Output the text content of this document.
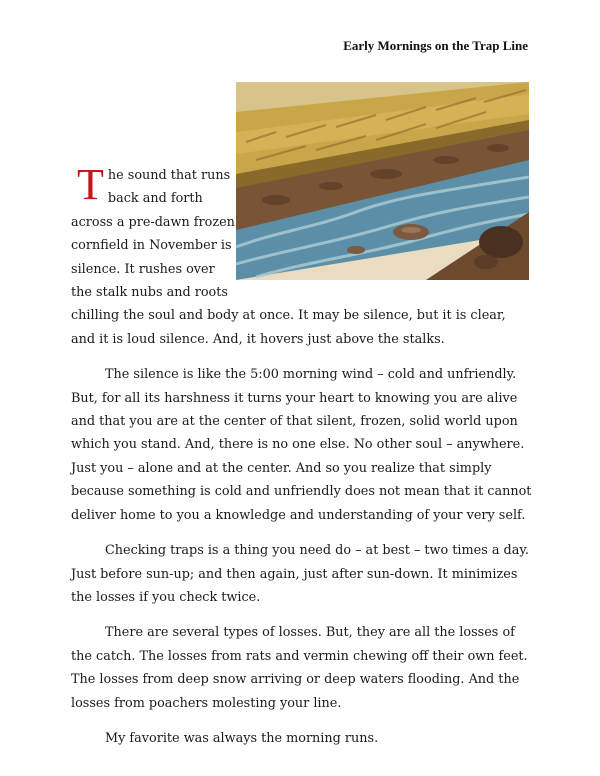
Early Mornings on the Trap Line

The sound that runs back and forth across a pre-dawn frozen cornfield in November is silence. It rushes over the stalk nubs and roots chilling the soul and body at once. It may be silence, but it is clear, and it is loud silence. And, it hovers just above the stalks.

The silence is like the 5:00 morning wind – cold and unfriendly. But, for all its harshness it turns your heart to knowing you are alive and that you are at the center of that silent, frozen, solid world upon which you stand. And, there is no one else. No other soul – anywhere. Just you – alone and at the center. And so you realize that simply because something is cold and unfriendly does not mean that it cannot deliver home to you a knowledge and understanding of your very self.

Checking traps is a thing you need do – at best – two times a day. Just before sun-up; and then again, just after sun-down. It minimizes the losses if you check twice.

There are several types of losses. But, they are all the losses of the catch. The losses from rats and vermin chewing off their own feet. The losses from deep snow arriving or deep waters flooding. And the losses from poachers molesting your line.

My favorite was always the morning runs.
